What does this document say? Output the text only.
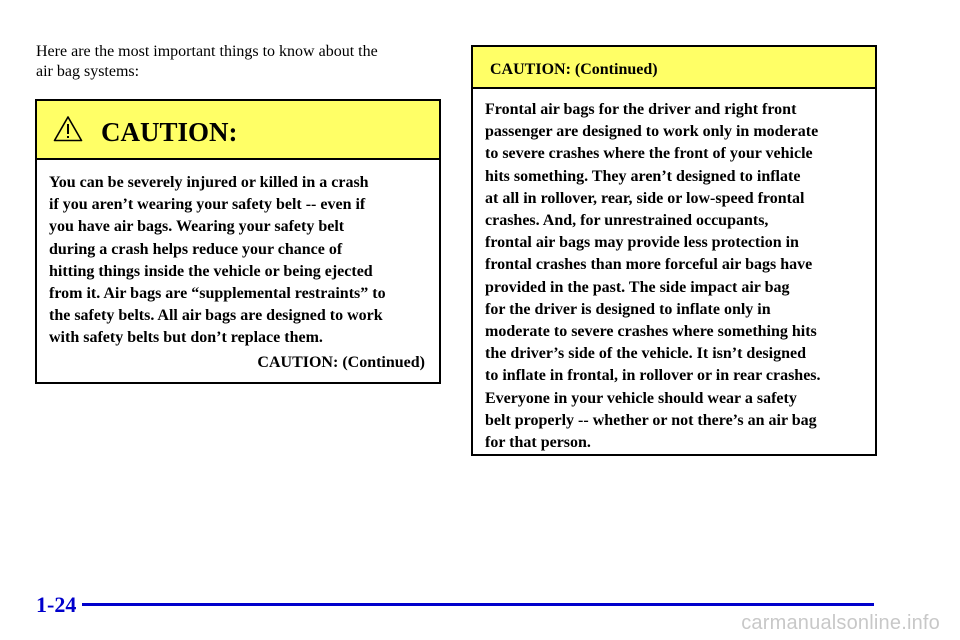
Here are the most important things to know about the
air bag systems:
CAUTION:
You can be severely injured or killed in a crash
if you aren’t wearing your safety belt -- even if
you have air bags. Wearing your safety belt
during a crash helps reduce your chance of
hitting things inside the vehicle or being ejected
from it. Air bags are “supplemental restraints” to
the safety belts. All air bags are designed to work
with safety belts but don’t replace them.
CAUTION: (Continued)
CAUTION: (Continued)
Frontal air bags for the driver and right front
passenger are designed to work only in moderate
to severe crashes where the front of your vehicle
hits something. They aren’t designed to inflate
at all in rollover, rear, side or low-speed frontal
crashes. And, for unrestrained occupants,
frontal air bags may provide less protection in
frontal crashes than more forceful air bags have
provided in the past. The side impact air bag
for the driver is designed to inflate only in
moderate to severe crashes where something hits
the driver’s side of the vehicle. It isn’t designed
to inflate in frontal, in rollover or in rear crashes.
Everyone in your vehicle should wear a safety
belt properly -- whether or not there’s an air bag
for that person.
1-24
carmanualsonline.info
